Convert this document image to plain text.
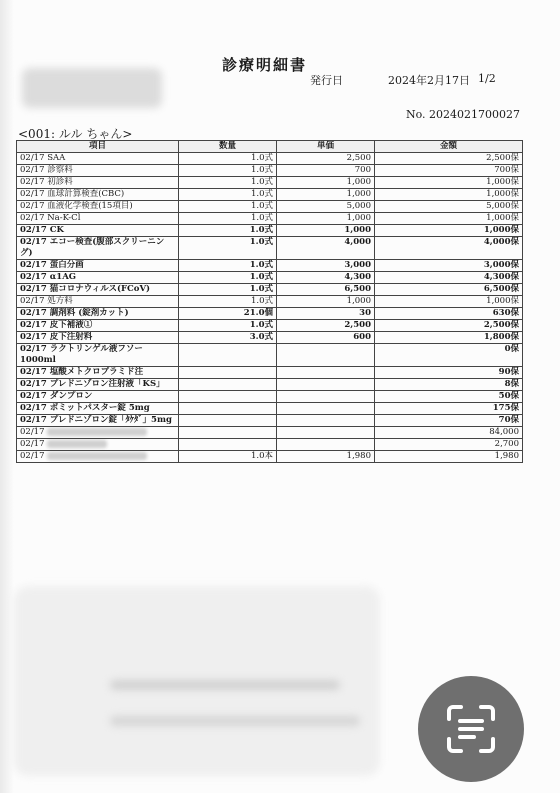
診療明細書
発行日	2024年2月17日 1/2
No. 2024021700027
<001: ルル ちゃん>
項目	数量	単価	金額
02/17 SAA	1.0式	2,500	2,500保
02/17 診察料	1.0式	700	700保
02/17 初診料	1.0式	1,000	1,000保
02/17 血球計算検査(CBC)	1.0式	1,000	1,000保
02/17 血液化学検査(15項目)	1.0式	5,000	5,000保
02/17 Na-K-Cl	1.0式	1,000	1,000保
02/17 CK	1.0式	1,000	1,000保
02/17 エコー検査(腹部スクリーニング)	1.0式	4,000	4,000保
02/17 蛋白分画	1.0式	3,000	3,000保
02/17 α1AG	1.0式	4,300	4,300保
02/17 猫コロナウィルス(FCoV)	1.0式	6,500	6,500保
02/17 処方料	1.0式	1,000	1,000保
02/17 調剤料 (錠剤カット)	21.0個	30	630保
02/17 皮下補液①	1.0式	2,500	2,500保
02/17 皮下注射料	3.0式	600	1,800保
02/17 ラクトリンゲル液フソー1000ml			0保
02/17 塩酸メトクロプラミド注			90保
02/17 プレドニゾロン注射液「KS」			8保
02/17 ダンプロン			50保
02/17 ポミットパスター錠 5mg			175保
02/17 プレドニゾロン錠「ﾀｹﾀﾞ」5mg			70保
02/17			84,000
02/17			2,700
02/17	1.0本	1,980	1,980
